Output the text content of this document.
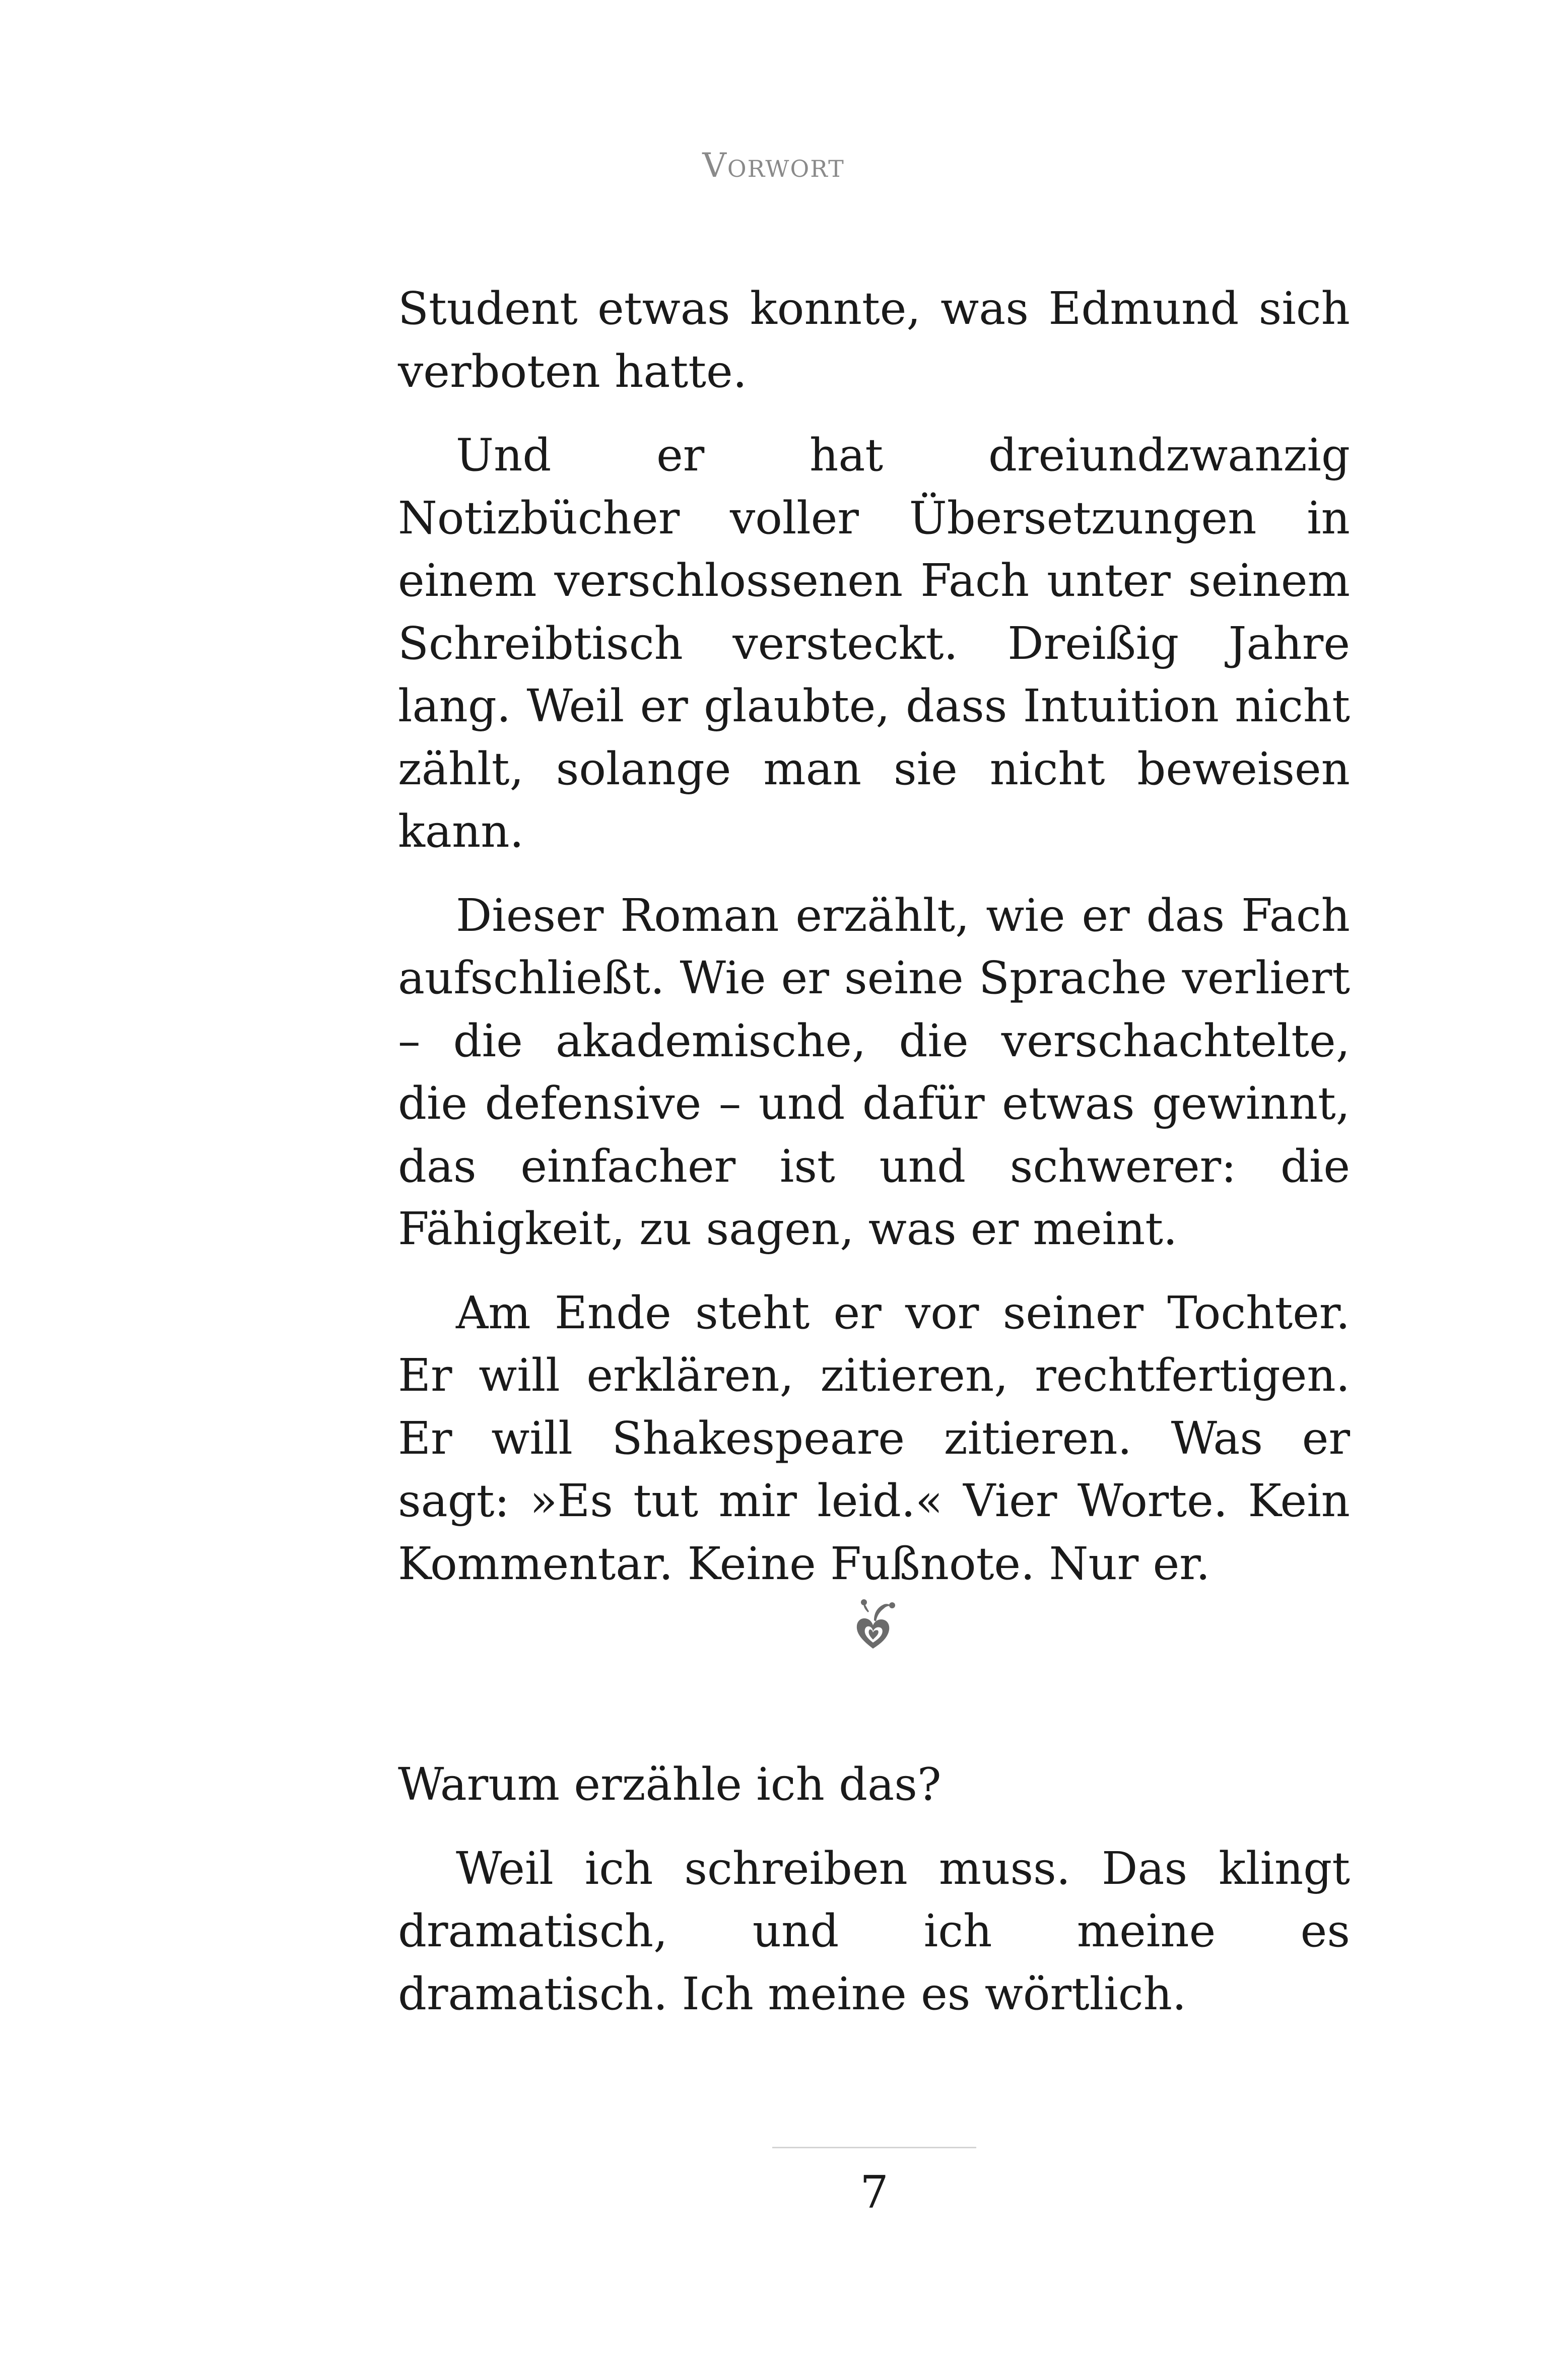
Vorwort

Student etwas konnte, was Edmund sich verboten hatte.

Und er hat dreiundzwanzig Notizbücher voller Übersetzungen in einem verschlossenen Fach unter seinem Schreibtisch versteckt. Dreißig Jahre lang. Weil er glaubte, dass Intuition nicht zählt, solange man sie nicht beweisen kann.

Dieser Roman erzählt, wie er das Fach aufschließt. Wie er seine Sprache verliert – die akademische, die verschachtelte, die defensive – und dafür etwas gewinnt, das einfacher ist und schwerer: die Fähigkeit, zu sagen, was er meint.

Am Ende steht er vor seiner Tochter. Er will erklären, zitieren, rechtfertigen. Er will Shakespeare zitieren. Was er sagt: »Es tut mir leid.« Vier Worte. Kein Kommentar. Keine Fußnote. Nur er.

Warum erzähle ich das?

Weil ich schreiben muss. Das klingt dramatisch, und ich meine es dramatisch. Ich meine es wörtlich.

7
